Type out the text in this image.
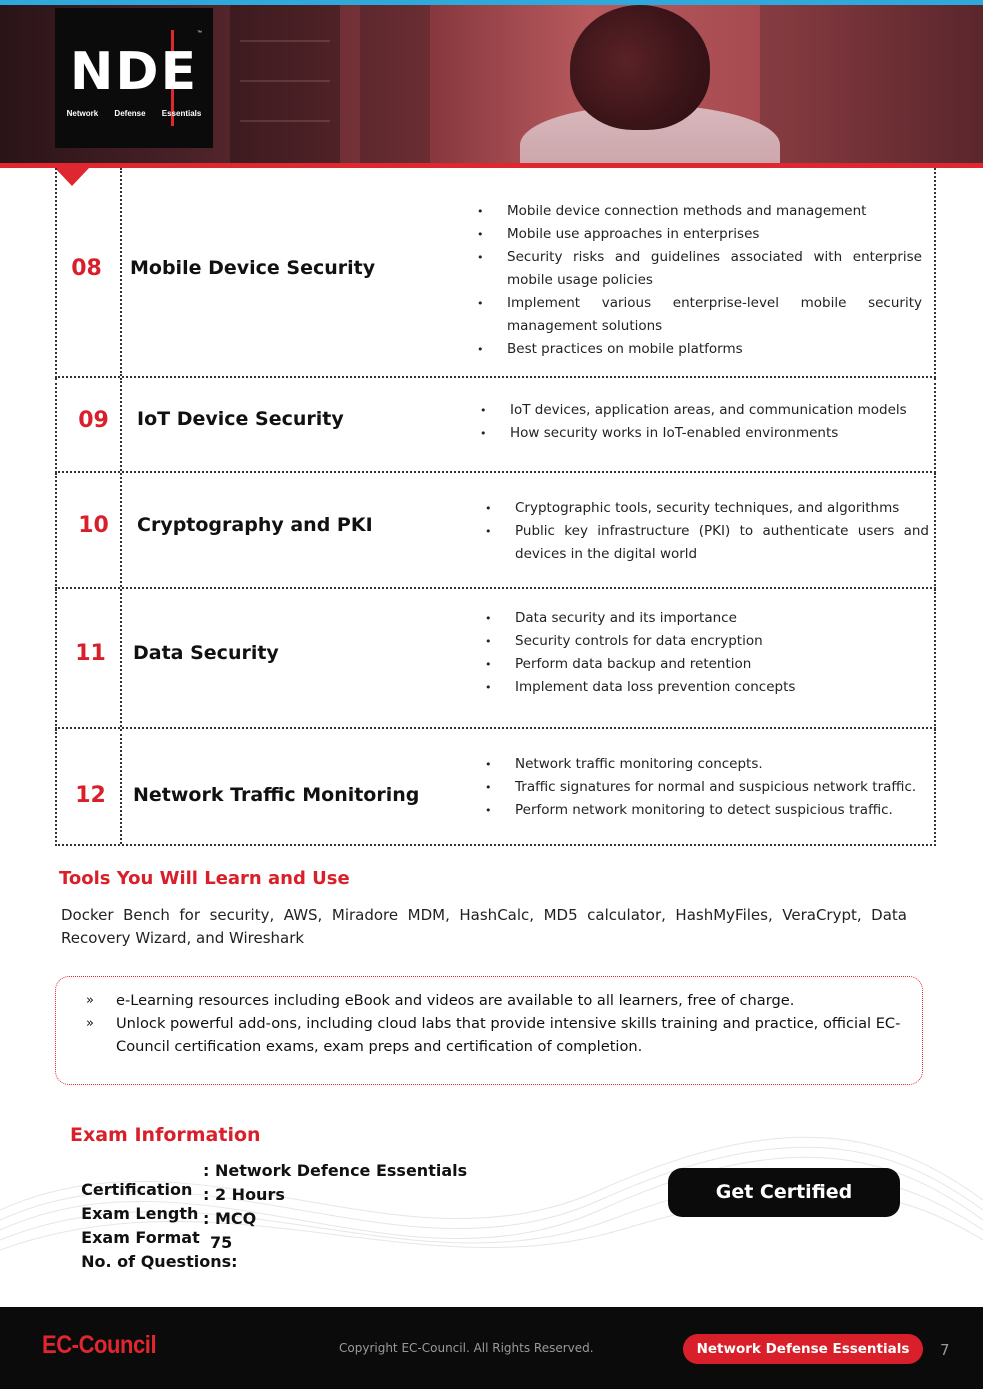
NDE
Network Defense Essentials
™
08	Mobile Device Security
• Mobile device connection methods and management
• Mobile use approaches in enterprises
• Security risks and guidelines associated with enterprise mobile usage policies
• Implement various enterprise-level mobile security management solutions
• Best practices on mobile platforms
09	IoT Device Security
•	IoT devices, application areas, and communication models
• How security works in IoT-enabled environments
10	Cryptography and PKI
• Cryptographic tools, security techniques, and algorithms
• Public key infrastructure (PKI) to authenticate users and devices in the digital world
11	Data Security
• Data security and its importance
• Security controls for data encryption
• Perform data backup and retention
• Implement data loss prevention concepts
12	Network Traffic Monitoring
• Network traffic monitoring concepts.
• Traffic signatures for normal and suspicious network traffic.
• Perform network monitoring to detect suspicious traffic.
Tools You Will Learn and Use
Docker Bench for security, AWS, Miradore MDM, HashCalc, MD5 calculator, HashMyFiles, VeraCrypt, Data Recovery Wizard, and Wireshark
» e-Learning resources including eBook and videos are available to all learners, free of charge.
» Unlock powerful add-ons, including cloud labs that provide intensive skills training and practice, official EC-Council certification exams, exam preps and certification of completion.
Exam Information

Certification

: Network Defence Essentials

Exam Length

: 2 Hours

Exam Format

: MCQ

No. of Questions:

75

Get Certified
EC-Council	Copyright EC-Council. All Rights Reserved.	Network Defense Essentials	7
